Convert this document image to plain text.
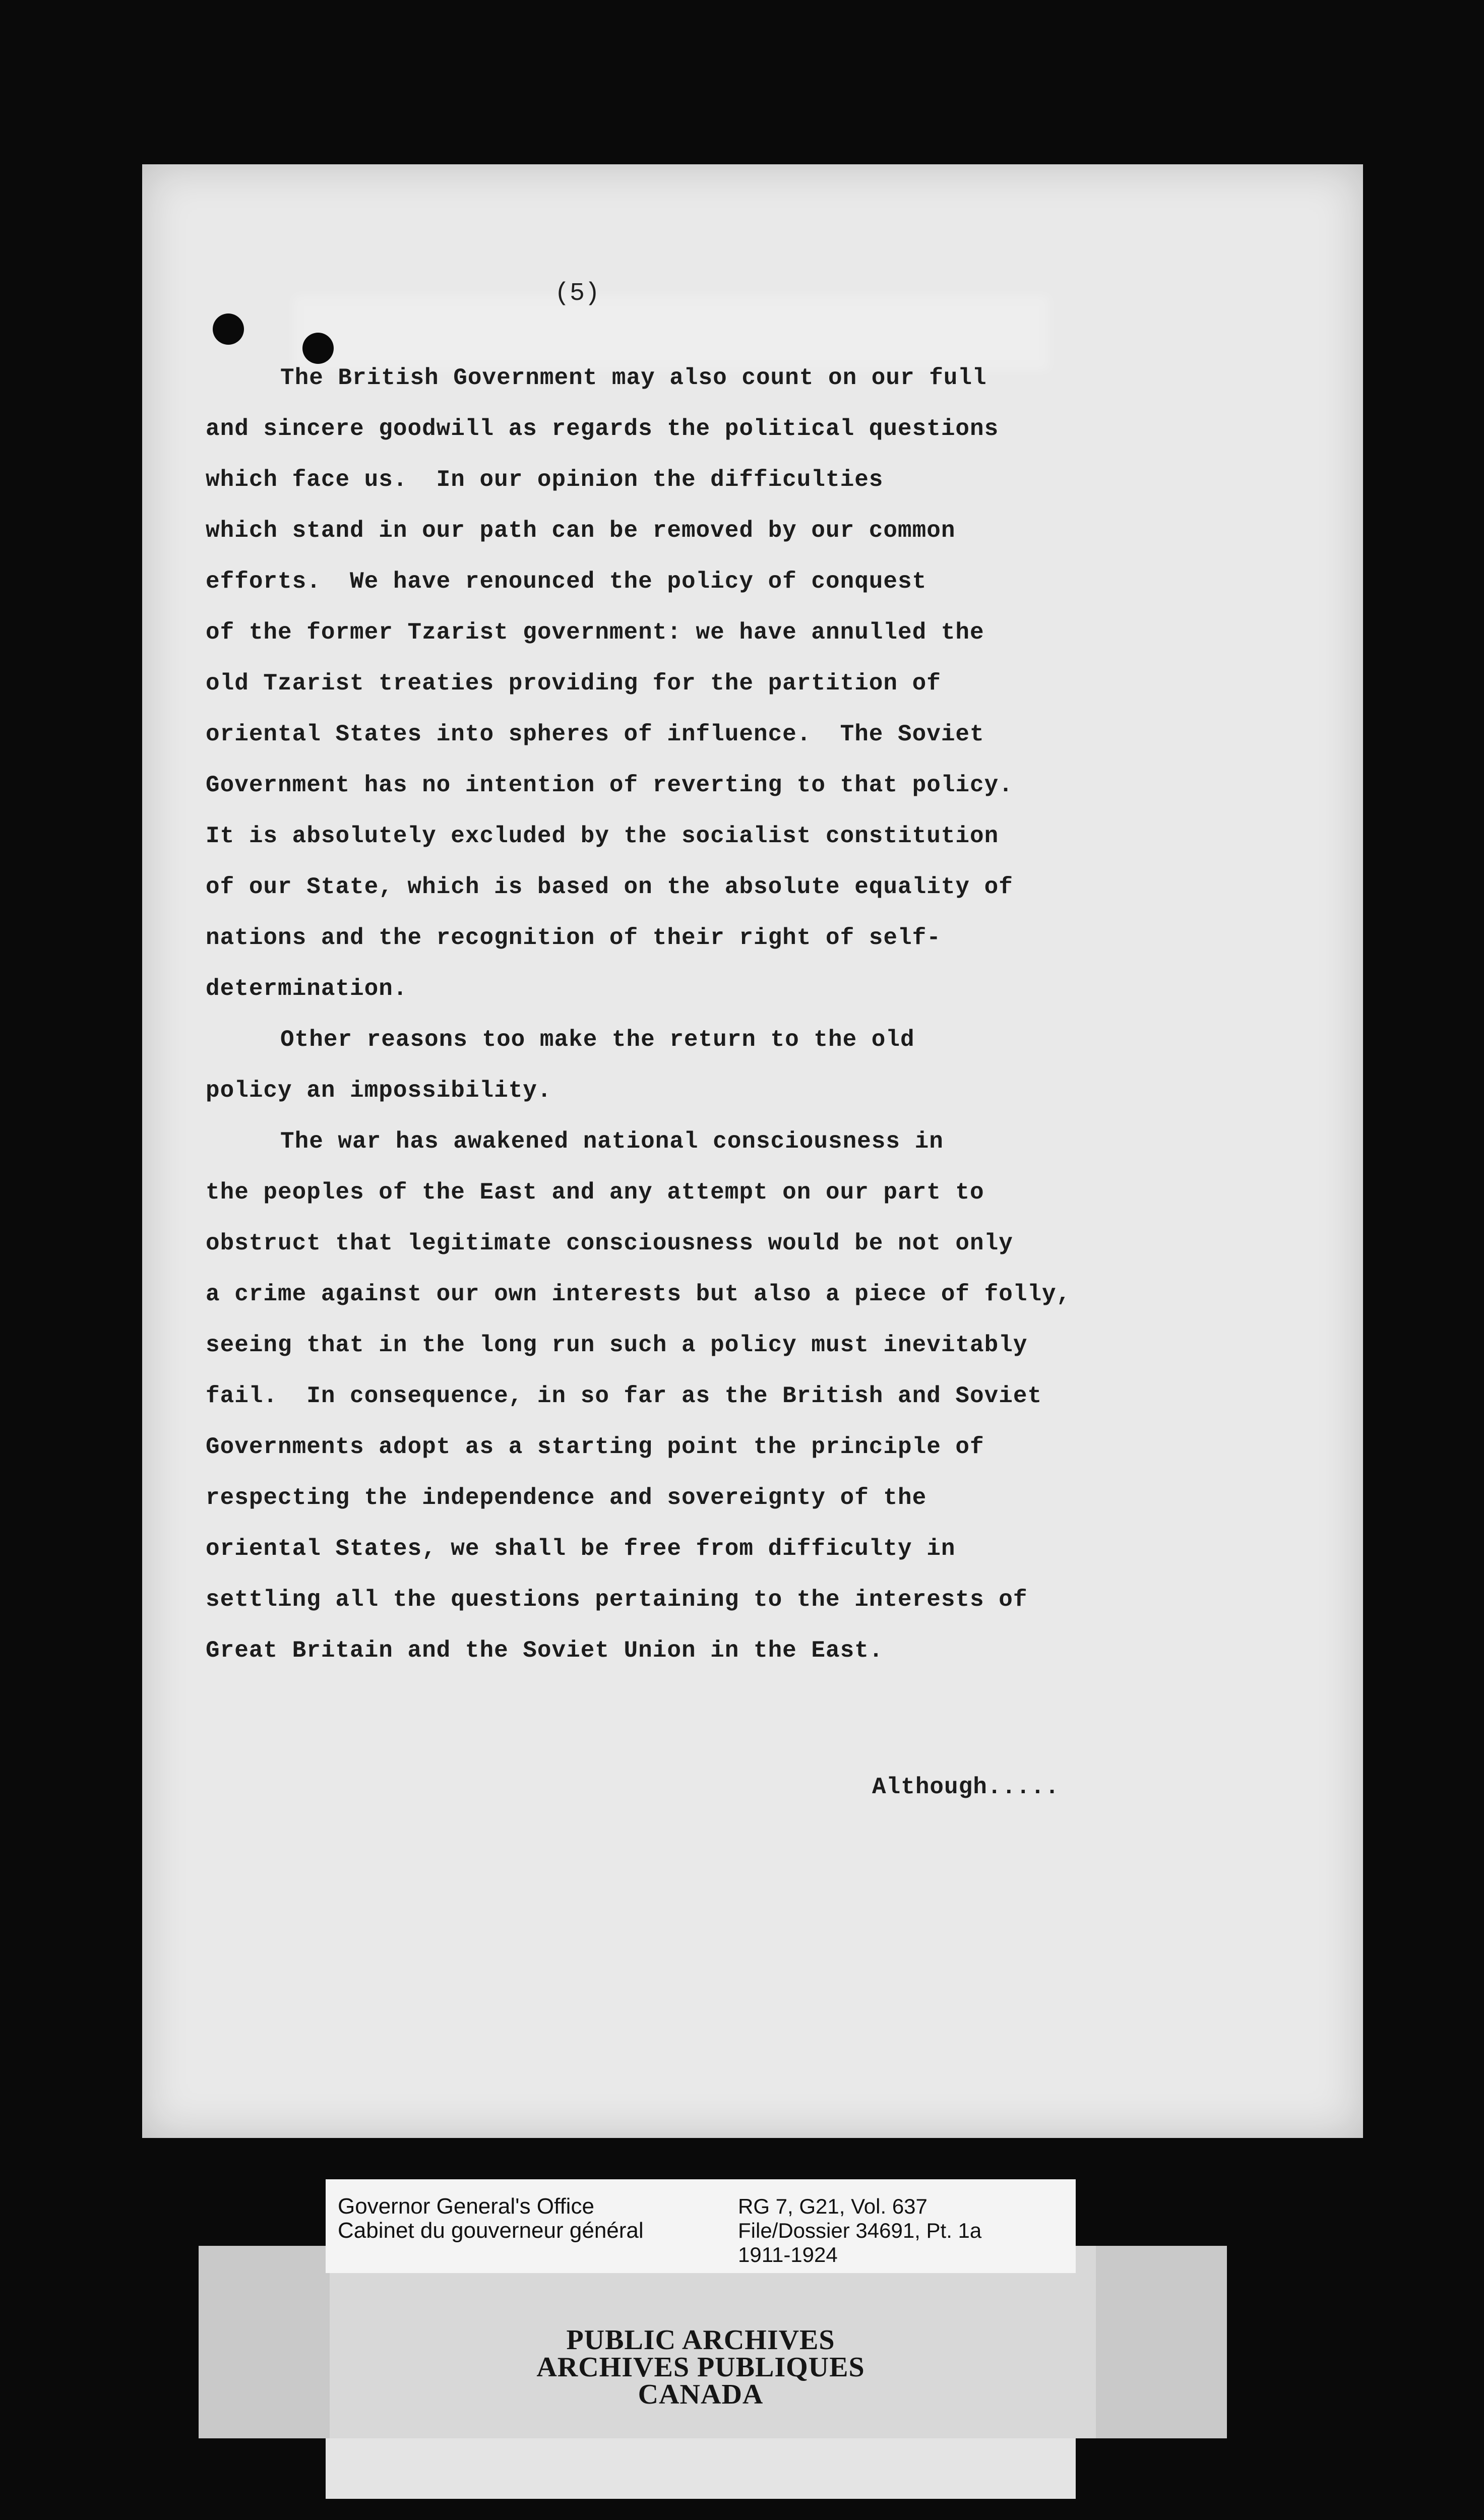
(5)

The British Government may also count on our full
and sincere goodwill as regards the political questions
which face us.  In our opinion the difficulties
which stand in our path can be removed by our common
efforts.  We have renounced the policy of conquest
of the former Tzarist government: we have annulled the
old Tzarist treaties providing for the partition of
oriental States into spheres of influence.  The Soviet
Government has no intention of reverting to that policy.
It is absolutely excluded by the socialist constitution
of our State, which is based on the absolute equality of
nations and the recognition of their right of self-
determination.
Other reasons too make the return to the old
policy an impossibility.
The war has awakened national consciousness in
the peoples of the East and any attempt on our part to
obstruct that legitimate consciousness would be not only
a crime against our own interests but also a piece of folly,
seeing that in the long run such a policy must inevitably
fail.  In consequence, in so far as the British and Soviet
Governments adopt as a starting point the principle of
respecting the independence and sovereignty of the
oriental States, we shall be free from difficulty in
settling all the questions pertaining to the interests of
Great Britain and the Soviet Union in the East.

Although.....

Governor General's Office
Cabinet du gouverneur général
RG 7, G21, Vol. 637
File/Dossier 34691, Pt. 1a
1911-1924
PUBLIC ARCHIVES
ARCHIVES PUBLIQUES
CANADA
